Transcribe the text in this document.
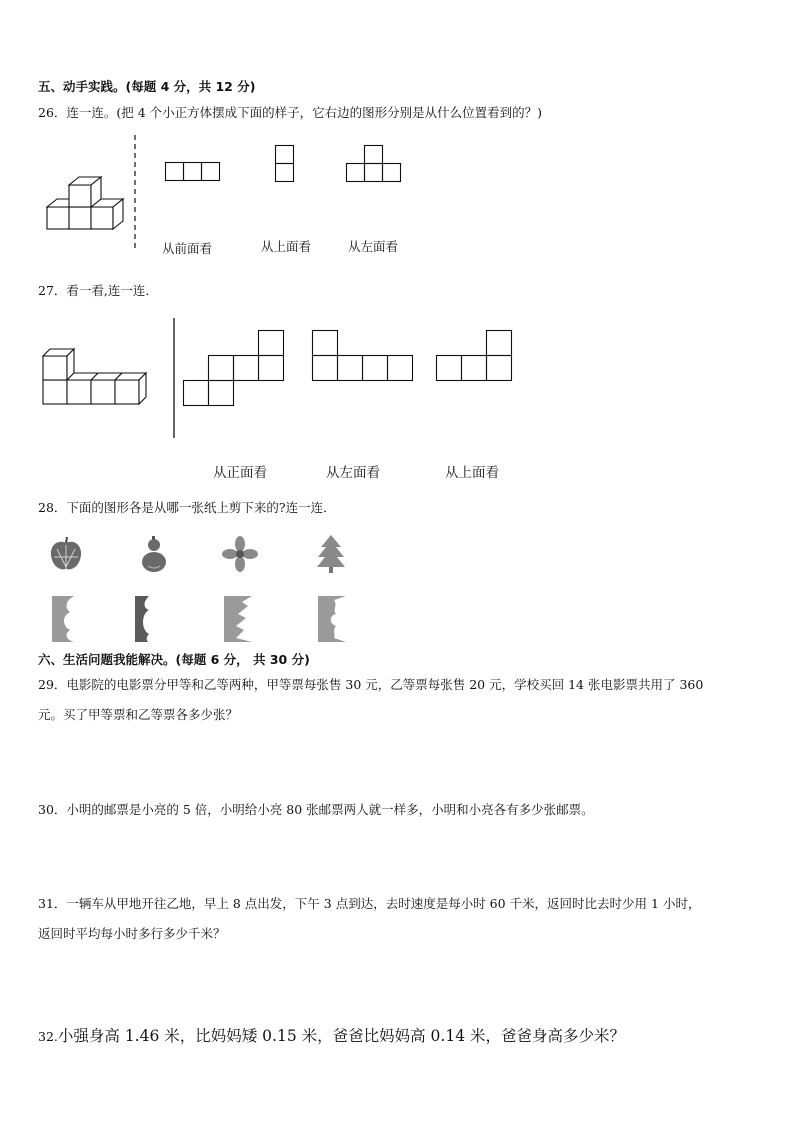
五、动手实践。(每题 4 分，共 12 分)
26．连一连。(把 4 个小正方体摆成下面的样子，它右边的图形分别是从什么位置看到的？)
从前面看	从上面看	从左面看
27．看一看,连一连．
从正面看	从左面看	从上面看
28．下面的图形各是从哪一张纸上剪下来的?连一连．
六、生活问题我能解决。(每题 6 分， 共 30 分)
29．电影院的电影票分甲等和乙等两种，甲等票每张售 30 元，乙等票每张售 20 元，学校买回 14 张电影票共用了 360
元。买了甲等票和乙等票各多少张？
30．小明的邮票是小亮的 5 倍，小明给小亮 80 张邮票两人就一样多，小明和小亮各有多少张邮票。
31．一辆车从甲地开往乙地，早上 8 点出发，下午 3 点到达，去时速度是每小时 60 千米，返回时比去时少用 1 小时，
返回时平均每小时多行多少千米？
32.小强身高 1.46 米，比妈妈矮 0.15 米，爸爸比妈妈高 0.14 米，爸爸身高多少米？
